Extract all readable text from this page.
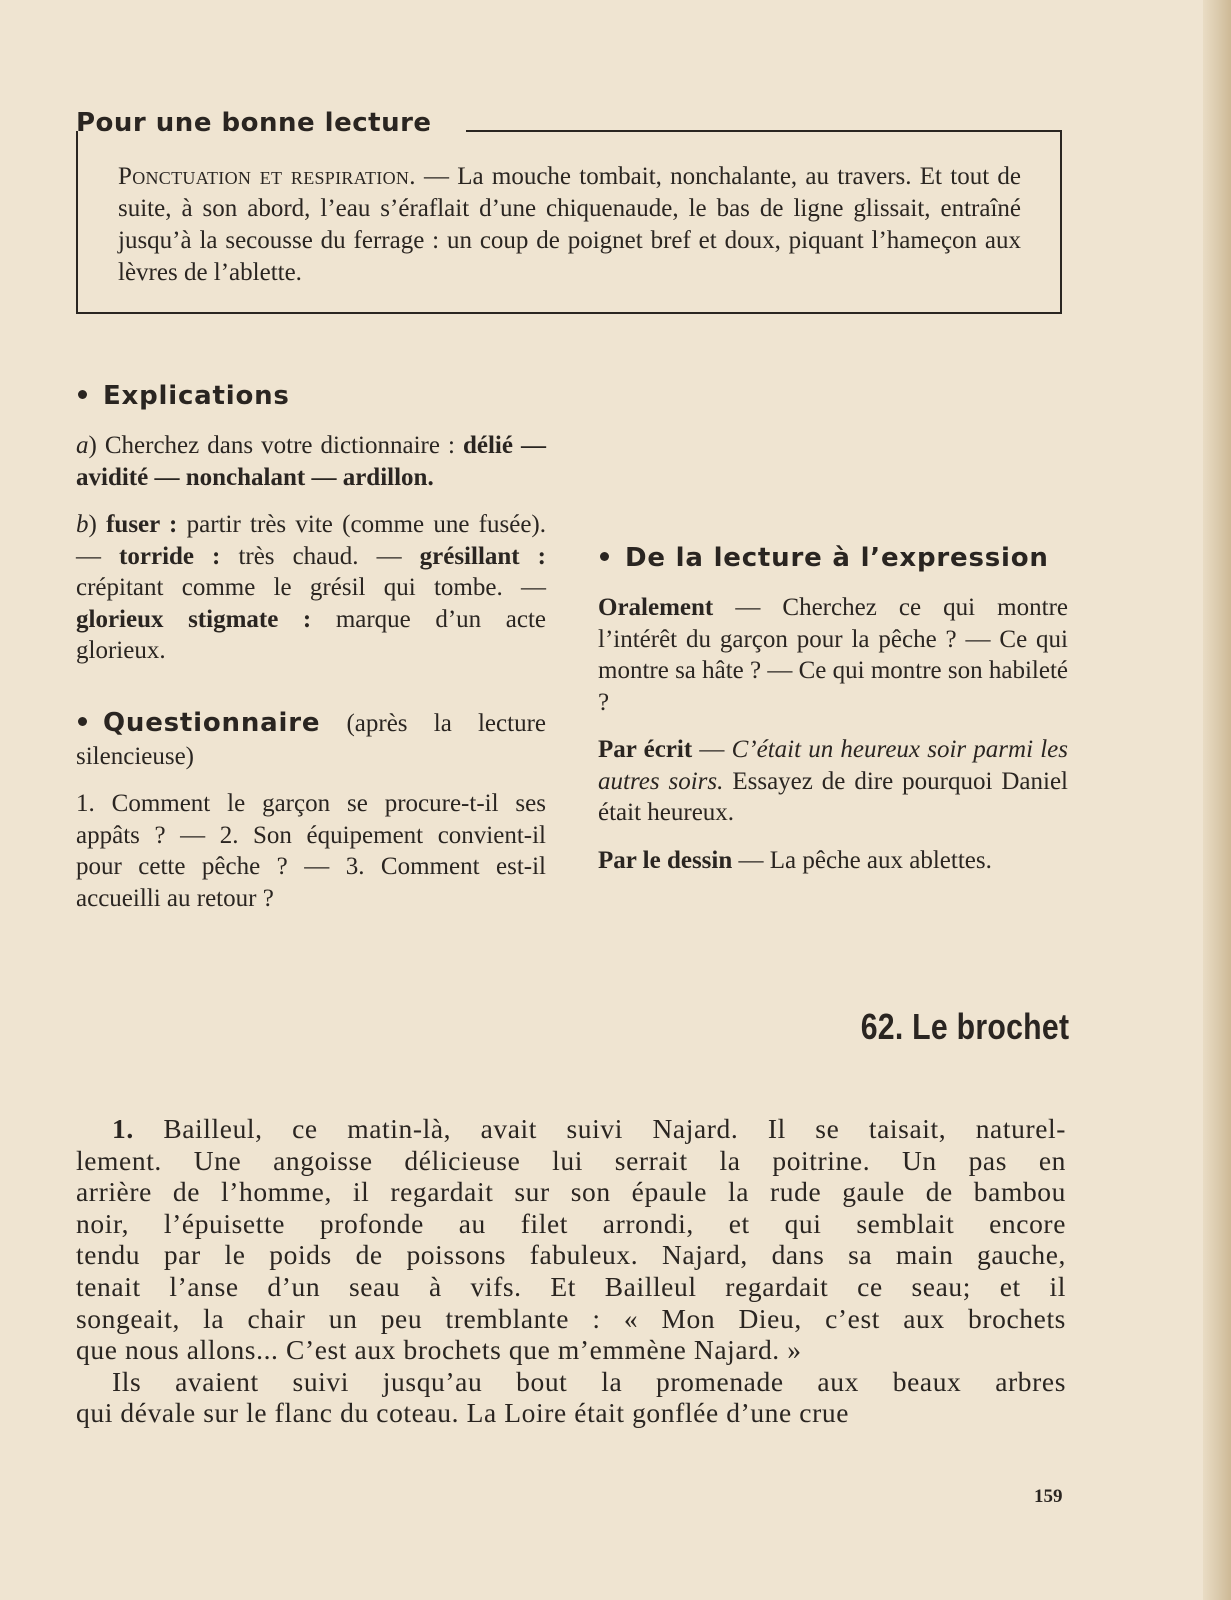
Pour une bonne lecture

Ponctuation et respiration. — La mouche tombait, nonchalante, au travers. Et tout de suite, à son abord, l’eau s’éraflait d’une chiquenaude, le bas de ligne glissait, entraîné jusqu’à la secousse du ferrage : un coup de poignet bref et doux, piquant l’hameçon aux lèvres de l’ablette.

Explications

a) Cherchez dans votre dictionnaire : délié — avidité — nonchalant — ardillon.

b) fuser : partir très vite (comme une fusée). — torride : très chaud. — grésillant : crépitant comme le grésil qui tombe. — glorieux stigmate : marque d’un acte glorieux.

Questionnaire (après la lecture silencieuse)

1. Comment le garçon se procure-t-il ses appâts ? — 2. Son équipement convient-il pour cette pêche ? — 3. Comment est-il accueilli au retour ?

De la lecture à l’expression

Oralement — Cherchez ce qui montre l’intérêt du garçon pour la pêche ? — Ce qui montre sa hâte ? — Ce qui montre son habileté ?

Par écrit — C’était un heureux soir parmi les autres soirs. Essayez de dire pourquoi Daniel était heureux.

Par le dessin — La pêche aux ablettes.

62. Le brochet

1. Bailleul, ce matin-là, avait suivi Najard. Il se taisait, naturel-

lement. Une angoisse délicieuse lui serrait la poitrine. Un pas en

arrière de l’homme, il regardait sur son épaule la rude gaule de bambou

noir, l’épuisette profonde au filet arrondi, et qui semblait encore

tendu par le poids de poissons fabuleux. Najard, dans sa main gauche,

tenait l’anse d’un seau à vifs. Et Bailleul regardait ce seau; et il

songeait, la chair un peu tremblante : « Mon Dieu, c’est aux brochets

que nous allons... C’est aux brochets que m’emmène Najard. »

Ils avaient suivi jusqu’au bout la promenade aux beaux arbres

qui dévale sur le flanc du coteau. La Loire était gonflée d’une crue

159
